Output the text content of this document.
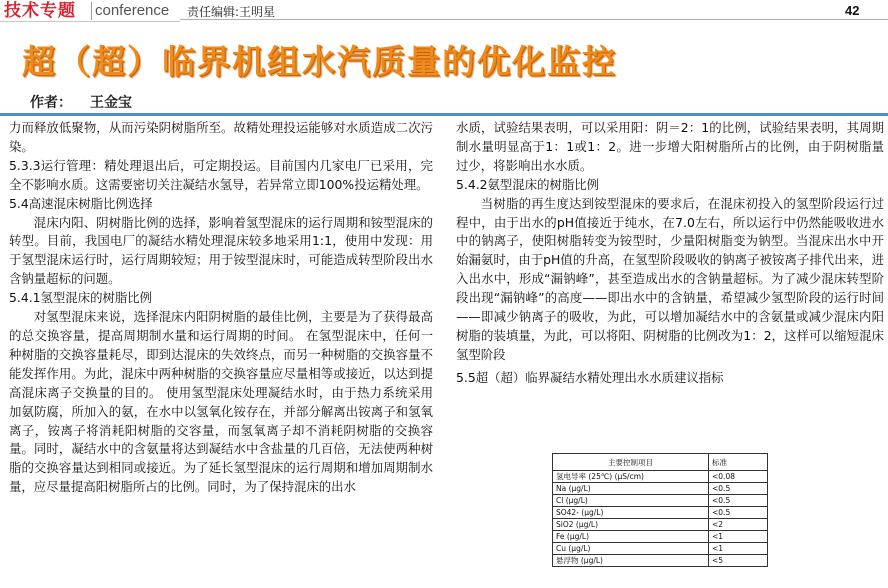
技术专题 conference 责任编辑:王明星	42
超（超）临界机组水汽质量的优化监控
作者： 王金宝

力而释放低聚物，从而污染阴树脂所至。故精处理投运能够对水质造成二次污染。

5.3.3运行管理：精处理退出后，可定期投运。目前国内几家电厂已采用，完全不影响水质。这需要密切关注凝结水氢导，若异常立即100%投运精处理。

5.4高速混床树脂比例选择

混床内阳、阴树脂比例的选择，影响着氢型混床的运行周期和铵型混床的转型。目前，我国电厂的凝结水精处理混床较多地采用1:1，使用中发现：用于氢型混床运行时，运行周期较短；用于铵型混床时，可能造成转型阶段出水含钠量超标的问题。

5.4.1氢型混床的树脂比例

对氢型混床来说，选择混床内阳阴树脂的最佳比例，主要是为了获得最高的总交换容量，提高周期制水量和运行周期的时间。 在氢型混床中，任何一种树脂的交换容量耗尽，即到达混床的失效终点，而另一种树脂的交换容量不能发挥作用。为此，混床中两种树脂的交换容量应尽量相等或接近，以达到提高混床离子交换量的目的。 使用氢型混床处理凝结水时，由于热力系统采用加氨防腐，所加入的氨，在水中以氢氧化铵存在，并部分解离出铵离子和氢氧离子，铵离子将消耗阳树脂的交容量，而氢氧离子却不消耗阴树脂的交换容量。同时，凝结水中的含氨量将达到凝结水中含盐量的几百倍，无法使两种树脂的交换容量达到相同或接近。为了延长氢型混床的运行周期和增加周期制水量，应尽量提高阳树脂所占的比例。同时，为了保持混床的出水

水质，试验结果表明，可以采用阳：阴＝2：1的比例，试验结果表明，其周期制水量明显高于1：1或1：2。进一步增大阳树脂所占的比例，由于阴树脂量过少，将影响出水水质。

5.4.2氨型混床的树脂比例

当树脂的再生度达到铵型混床的要求后，在混床初投入的氢型阶段运行过程中，由于出水的pH值接近于纯水，在7.0左右，所以运行中仍然能吸收进水中的钠离子，使阳树脂转变为铵型时，少量阳树脂变为钠型。当混床出水中开始漏氨时，由于pH值的升高，在氢型阶段吸收的钠离子被铵离子排代出来，进入出水中，形成“漏钠峰”，甚至造成出水的含钠量超标。为了减少混床转型阶段出现“漏钠峰”的高度——即出水中的含钠量，希望减少氢型阶段的运行时间——即减少钠离子的吸收，为此，可以增加凝结水中的含氨量或减少混床内阳树脂的装填量，为此，可以将阳、阴树脂的比例改为1：2，这样可以缩短混床氢型阶段

5.5超（超）临界凝结水精处理出水水质建议指标

主要控制项目	标准
氢电导率 (25℃) (μS/cm)	<0.08
Na (μg/L)	<0.5
Cl (μg/L)	<0.5
SO42- (μg/L)	<0.5
SiO2 (μg/L)	<2
Fe (μg/L)	<1
Cu (μg/L)	<1
悬浮物 (μg/L)	<5
